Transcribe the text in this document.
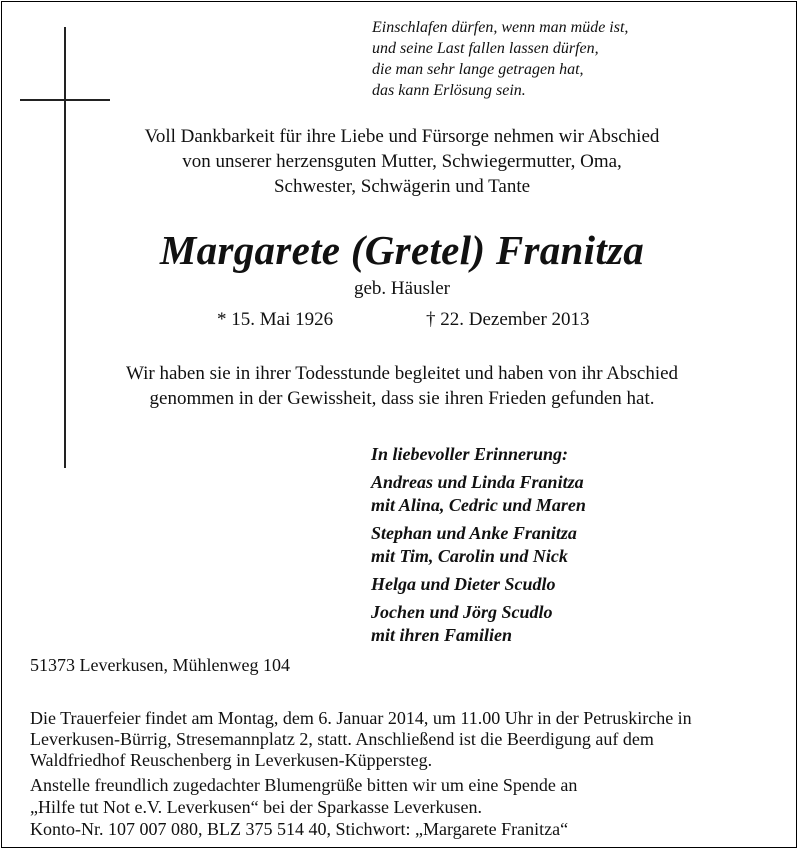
Einschlafen dürfen, wenn man müde ist,
und seine Last fallen lassen dürfen,
die man sehr lange getragen hat,
das kann Erlösung sein.
Voll Dankbarkeit für ihre Liebe und Fürsorge nehmen wir Abschied
von unserer herzensguten Mutter, Schwiegermutter, Oma,
Schwester, Schwägerin und Tante
Margarete (Gretel) Franitza
geb. Häusler
* 15. Mai 1926	† 22. Dezember 2013
Wir haben sie in ihrer Todesstunde begleitet und haben von ihr Abschied
genommen in der Gewissheit, dass sie ihren Frieden gefunden hat.
In liebevoller Erinnerung:
Andreas und Linda Franitza
mit Alina, Cedric und Maren
Stephan und Anke Franitza
mit Tim, Carolin und Nick
Helga und Dieter Scudlo
Jochen und Jörg Scudlo
mit ihren Familien
51373 Leverkusen, Mühlenweg 104
Die Trauerfeier findet am Montag, dem 6. Januar 2014, um 11.00 Uhr in der Petruskirche in
Leverkusen-Bürrig, Stresemannplatz 2, statt. Anschließend ist die Beerdigung auf dem
Waldfriedhof Reuschenberg in Leverkusen-Küppersteg.
Anstelle freundlich zugedachter Blumengrüße bitten wir um eine Spende an
„Hilfe tut Not e.V. Leverkusen“ bei der Sparkasse Leverkusen.
Konto-Nr. 107 007 080, BLZ 375 514 40, Stichwort: „Margarete Franitza“
